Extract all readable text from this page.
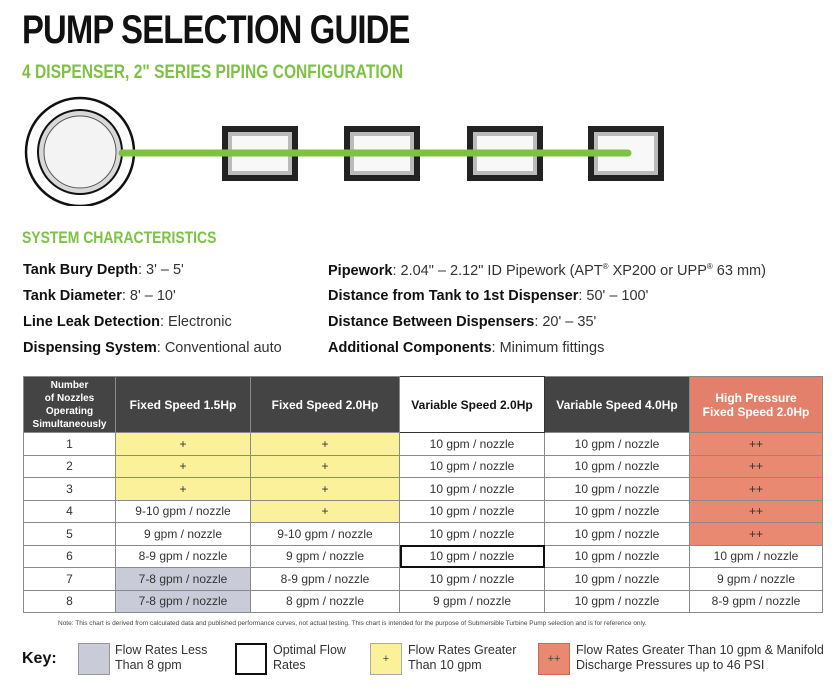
PUMP SELECTION GUIDE
4 DISPENSER, 2" SERIES PIPING CONFIGURATION
SYSTEM CHARACTERISTICS
Tank Bury Depth: 3' – 5'
Tank Diameter: 8' – 10'
Line Leak Detection: Electronic
Dispensing System: Conventional auto
Pipework: 2.04" – 2.12" ID Pipework (APT® XP200 or UPP® 63 mm)
Distance from Tank to 1st Dispenser: 50' – 100'
Distance Between Dispensers: 20' – 35'
Additional Components: Minimum fittings
Number
of Nozzles
Operating
Simultaneously	Fixed Speed 1.5Hp	Fixed Speed 2.0Hp	Variable Speed 2.0Hp	Variable Speed 4.0Hp	High Pressure Fixed Speed 2.0Hp
1	+	+	10 gpm / nozzle	10 gpm / nozzle	++
2	+	+	10 gpm / nozzle	10 gpm / nozzle	++
3	+	+	10 gpm / nozzle	10 gpm / nozzle	++
4	9-10 gpm / nozzle	+	10 gpm / nozzle	10 gpm / nozzle	++
5	9 gpm / nozzle	9-10 gpm / nozzle	10 gpm / nozzle	10 gpm / nozzle	++
6	8-9 gpm / nozzle	9 gpm / nozzle	10 gpm / nozzle	10 gpm / nozzle	10 gpm / nozzle
7	7-8 gpm / nozzle	8-9 gpm / nozzle	10 gpm / nozzle	10 gpm / nozzle	9 gpm / nozzle
8	7-8 gpm / nozzle	8 gpm / nozzle	9 gpm / nozzle	10 gpm / nozzle	8-9 gpm / nozzle
Note: This chart is derived from calculated data and published performance curves, not actual testing. This chart is intended for the purpose of Submersible Turbine Pump selection and is for reference only.
Key:	Flow Rates Less
Than 8 gpm
Optimal Flow
Rates	+
Flow Rates Greater
Than 10 gpm	++
Flow Rates Greater Than 10 gpm & Manifold
Discharge Pressures up to 46 PSI
